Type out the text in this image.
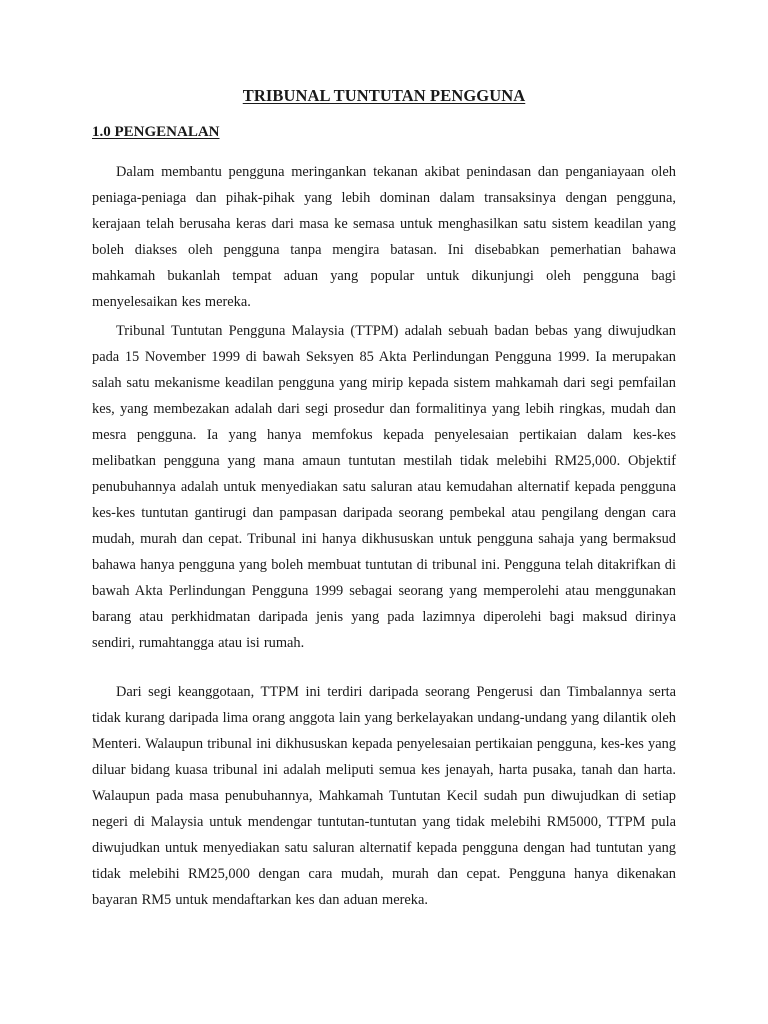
TRIBUNAL TUNTUTAN PENGGUNA
1.0 PENGENALAN

Dalam membantu pengguna meringankan tekanan akibat penindasan dan penganiayaan oleh peniaga-peniaga dan pihak-pihak yang lebih dominan dalam transaksinya dengan pengguna, kerajaan telah berusaha keras dari masa ke semasa untuk menghasilkan satu sistem keadilan yang boleh diakses oleh pengguna tanpa mengira batasan. Ini disebabkan pemerhatian bahawa mahkamah bukanlah tempat aduan yang popular untuk dikunjungi oleh pengguna bagi menyelesaikan kes mereka.

Tribunal Tuntutan Pengguna Malaysia (TTPM) adalah sebuah badan bebas yang diwujudkan pada 15 November 1999 di bawah Seksyen 85 Akta Perlindungan Pengguna 1999. Ia merupakan salah satu mekanisme keadilan pengguna yang mirip kepada sistem mahkamah dari segi pemfailan kes, yang membezakan adalah dari segi prosedur dan formalitinya yang lebih ringkas, mudah dan mesra pengguna. Ia yang hanya memfokus kepada penyelesaian pertikaian dalam kes-kes melibatkan pengguna yang mana amaun tuntutan mestilah tidak melebihi RM25,000. Objektif penubuhannya adalah untuk menyediakan satu saluran atau kemudahan alternatif kepada pengguna kes-kes tuntutan gantirugi dan pampasan daripada seorang pembekal atau pengilang dengan cara mudah, murah dan cepat. Tribunal ini hanya dikhususkan untuk pengguna sahaja yang bermaksud bahawa hanya pengguna yang boleh membuat tuntutan di tribunal ini. Pengguna telah ditakrifkan di bawah Akta Perlindungan Pengguna 1999 sebagai seorang yang memperolehi atau menggunakan barang atau perkhidmatan daripada jenis yang pada lazimnya diperolehi bagi maksud dirinya sendiri, rumahtangga atau isi rumah.

Dari segi keanggotaan, TTPM ini terdiri daripada seorang Pengerusi dan Timbalannya serta tidak kurang daripada lima orang anggota lain yang berkelayakan undang-undang yang dilantik oleh Menteri. Walaupun tribunal ini dikhususkan kepada penyelesaian pertikaian pengguna, kes-kes yang diluar bidang kuasa tribunal ini adalah meliputi semua kes jenayah, harta pusaka, tanah dan harta. Walaupun pada masa penubuhannya, Mahkamah Tuntutan Kecil sudah pun diwujudkan di setiap negeri di Malaysia untuk mendengar tuntutan-tuntutan yang tidak melebihi RM5000, TTPM pula diwujudkan untuk menyediakan satu saluran alternatif kepada pengguna dengan had tuntutan yang tidak melebihi RM25,000 dengan cara mudah, murah dan cepat. Pengguna hanya dikenakan bayaran RM5 untuk mendaftarkan kes dan aduan mereka.
